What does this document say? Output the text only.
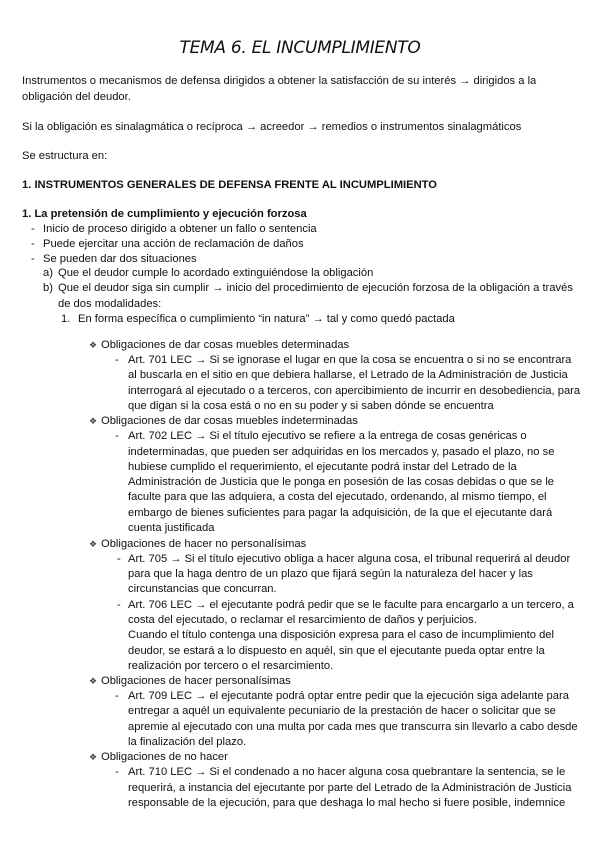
TEMA 6. EL INCUMPLIMIENTO
Instrumentos o mecanismos de defensa dirigidos a obtener la satisfacción de su interés → dirigidos a la
obligación del deudor.
Si la obligación es sinalagmática o recíproca → acreedor → remedios o instrumentos sinalagmáticos
Se estructura en:
1. INSTRUMENTOS GENERALES DE DEFENSA FRENTE AL INCUMPLIMIENTO
1. La pretensión de cumplimiento y ejecución forzosa
- Inicio de proceso dirigido a obtener un fallo o sentencia
- Puede ejercitar una acción de reclamación de daños
- Se pueden dar dos situaciones
a) Que el deudor cumple lo acordado extinguiéndose la obligación
b) Que el deudor siga sin cumplir → inicio del procedimiento de ejecución forzosa de la obligación a través
de dos modalidades:
1. En forma específica o cumplimiento “in natura” → tal y como quedó pactada
❖ Obligaciones de dar cosas muebles determinadas
- Art. 701 LEC → Si se ignorase el lugar en que la cosa se encuentra o si no se encontrara
al buscarla en el sitio en que debiera hallarse, el Letrado de la Administración de Justicia
interrogará al ejecutado o a terceros, con apercibimiento de incurrir en desobediencia, para
que digan si la cosa está o no en su poder y si saben dónde se encuentra
❖ Obligaciones de dar cosas muebles indeterminadas
- Art. 702 LEC → Si el título ejecutivo se refiere a la entrega de cosas genéricas o
indeterminadas, que pueden ser adquiridas en los mercados y, pasado el plazo, no se
hubiese cumplido el requerimiento, el ejecutante podrá instar del Letrado de la
Administración de Justicia que le ponga en posesión de las cosas debidas o que se le
faculte para que las adquiera, a costa del ejecutado, ordenando, al mismo tiempo, el
embargo de bienes suficientes para pagar la adquisición, de la que el ejecutante dará
cuenta justificada
❖ Obligaciones de hacer no personalísimas
- Art. 705 → Si el título ejecutivo obliga a hacer alguna cosa, el tribunal requerirá al deudor
para que la haga dentro de un plazo que fijará según la naturaleza del hacer y las
circunstancias que concurran.
- Art. 706 LEC → el ejecutante podrá pedir que se le faculte para encargarlo a un tercero, a
costa del ejecutado, o reclamar el resarcimiento de daños y perjuicios.
Cuando el título contenga una disposición expresa para el caso de incumplimiento del
deudor, se estará a lo dispuesto en aquél, sin que el ejecutante pueda optar entre la
realización por tercero o el resarcimiento.
❖ Obligaciones de hacer personalísimas
- Art. 709 LEC → el ejecutante podrá optar entre pedir que la ejecución siga adelante para
entregar a aquél un equivalente pecuniario de la prestación de hacer o solicitar que se
apremie al ejecutado con una multa por cada mes que transcurra sin llevarlo a cabo desde
la finalización del plazo.
❖ Obligaciones de no hacer
- Art. 710 LEC → Si el condenado a no hacer alguna cosa quebrantare la sentencia, se le
requerirá, a instancia del ejecutante por parte del Letrado de la Administración de Justicia
responsable de la ejecución, para que deshaga lo mal hecho si fuere posible, indemnice
